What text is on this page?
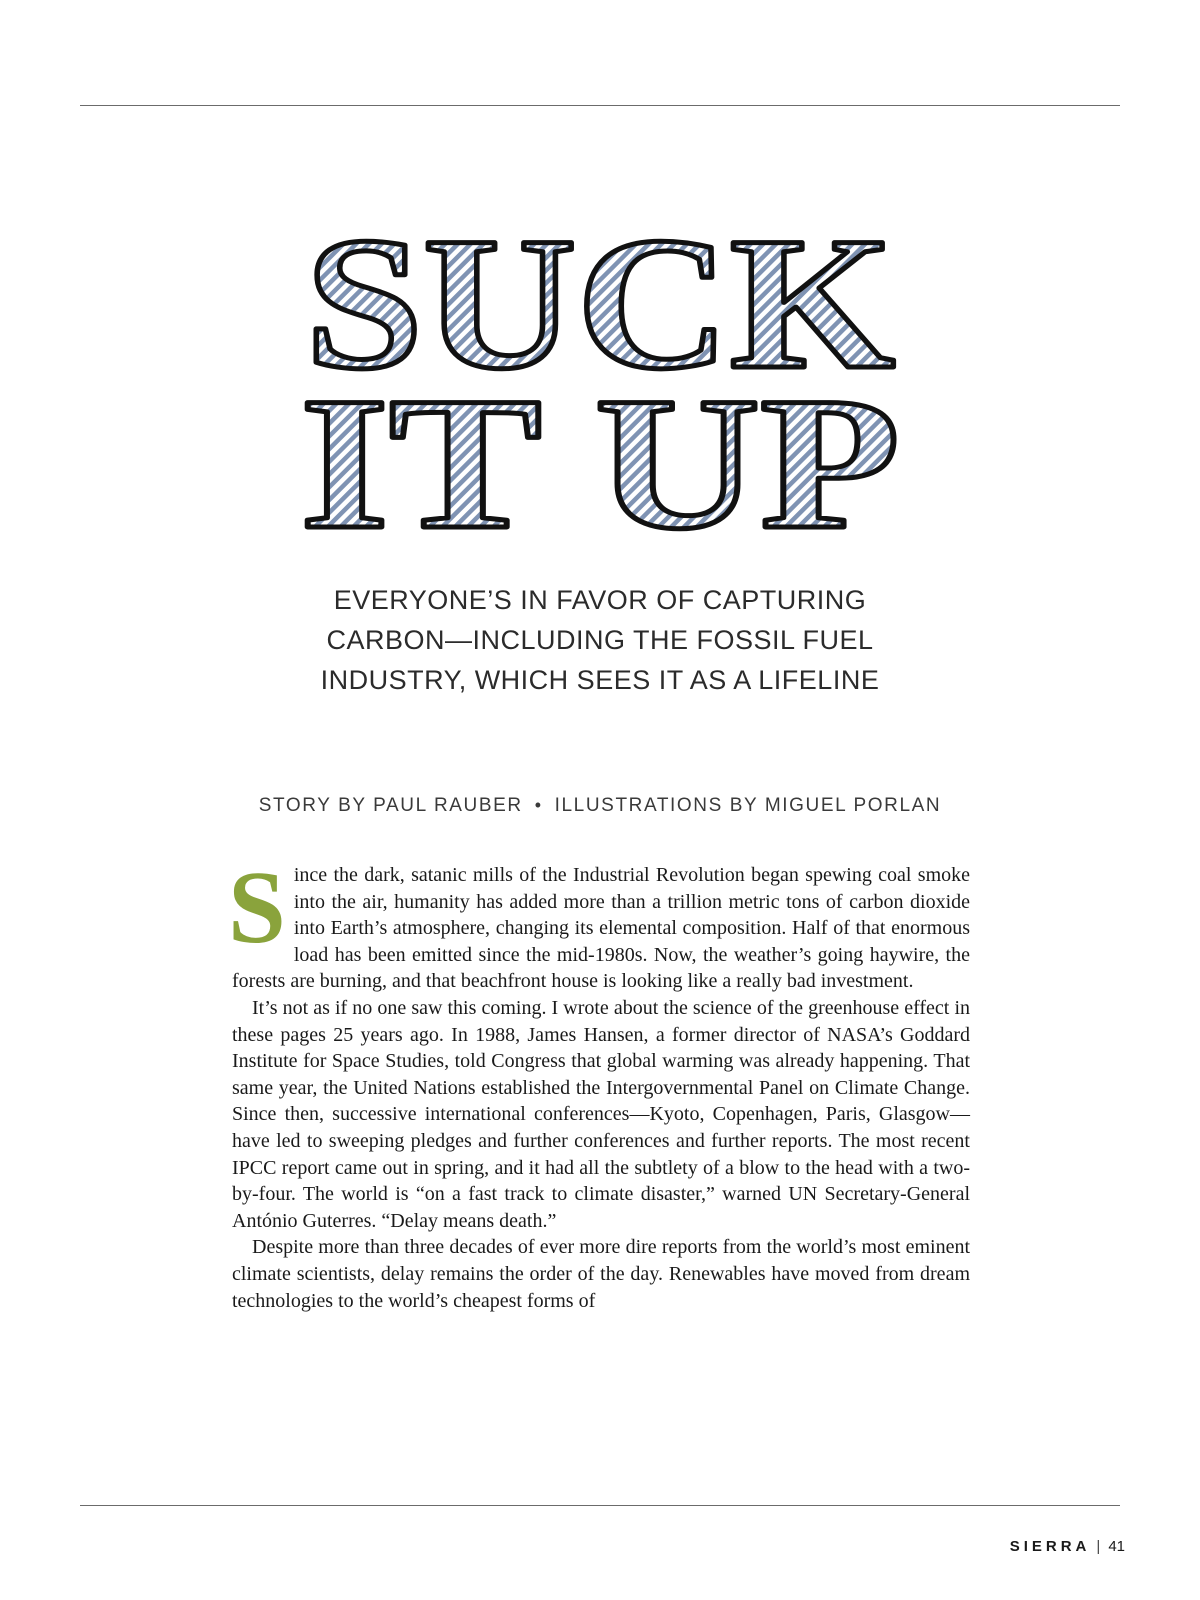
SUCK
IT UP
EVERYONE’S IN FAVOR OF CAPTURING
CARBON—INCLUDING THE FOSSIL FUEL
INDUSTRY, WHICH SEES IT AS A LIFELINE
STORY BY PAUL RAUBER • ILLUSTRATIONS BY MIGUEL PORLAN

Since the dark, satanic mills of the Industrial Revolution began spewing coal smoke into the air, humanity has added more than a trillion metric tons of carbon dioxide into Earth’s atmosphere, changing its elemental composition. Half of that enormous load has been emitted since the mid-1980s. Now, the weather’s going haywire, the forests are burning, and that beachfront house is looking like a really bad investment.

It’s not as if no one saw this coming. I wrote about the science of the greenhouse effect in these pages 25 years ago. In 1988, James Hansen, a former director of NASA’s Goddard Institute for Space Studies, told Congress that global warming was already happening. That same year, the United Nations established the Intergovernmental Panel on Climate Change. Since then, successive international conferences—Kyoto, Copenhagen, Paris, Glasgow—have led to sweeping pledges and further conferences and further reports. The most recent IPCC report came out in spring, and it had all the subtlety of a blow to the head with a two-by-four. The world is “on a fast track to climate disaster,” warned UN Secretary-General António Guterres. “Delay means death.”

Despite more than three decades of ever more dire reports from the world’s most eminent climate scientists, delay remains the order of the day. Renewables have moved from dream technologies to the world’s cheapest forms of

SIERRA | 41
